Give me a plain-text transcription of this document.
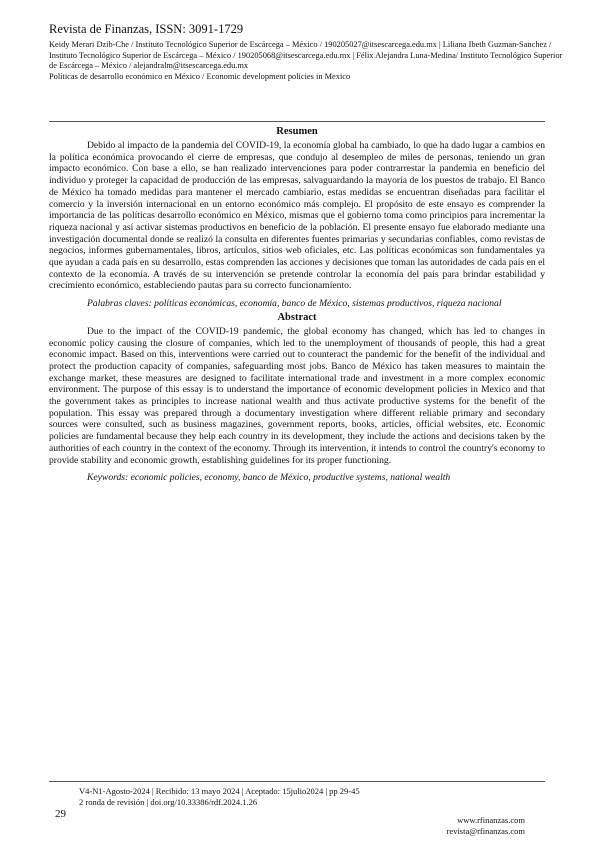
Revista de Finanzas, ISSN: 3091-1729
Keidy Merari Dzib-Che / Instituto Tecnológico Superior de Escárcega – México / 190205027@itsescarcega.edu.mx | Liliana Ibeth Guzman-Sanchez / Instituto Tecnológico Superior de Escárcega – México / 190205068@itsescarcega.edu.mx | Félix Alejandra Luna-Medina/ Instituto Tecnológico Superior de Escárcega – México / alejandralm@itsescarcega.edu.mx
Políticas de desarrollo económico en México / Economic development policies in Mexico
Resumen

Debido al impacto de la pandemia del COVID-19, la economía global ha cambiado, lo que ha dado lugar a cambios en la política económica provocando el cierre de empresas, que condujo al desempleo de miles de personas, teniendo un gran impacto económico. Con base a ello, se han realizado intervenciones para poder contrarrestar la pandemia en beneficio del individuo y proteger la capacidad de producción de las empresas, salvaguardando la mayoría de los puestos de trabajo. El Banco de México ha tomado medidas para mantener el mercado cambiario, estas medidas se encuentran diseñadas para facilitar el comercio y la inversión internacional en un entorno económico más complejo. El propósito de este ensayo es comprender la importancia de las políticas desarrollo económico en México, mismas que el gobierno toma como principios para incrementar la riqueza nacional y así activar sistemas productivos en beneficio de la población. El presente ensayo fue elaborado mediante una investigación documental donde se realizó la consulta en diferentes fuentes primarias y secundarias confiables, como revistas de negocios, informes gubernamentales, libros, artículos, sitios web oficiales, etc. Las políticas económicas son fundamentales ya que ayudan a cada país en su desarrollo, estas comprenden las acciones y decisiones que toman las autoridades de cada país en el contexto de la economía. A través de su intervención se pretende controlar la economía del país para brindar estabilidad y crecimiento económico, estableciendo pautas para su correcto funcionamiento.

Palabras claves: políticas económicas, economía, banco de México, sistemas productivos, riqueza nacional

Abstract

Due to the impact of the COVID-19 pandemic, the global economy has changed, which has led to changes in economic policy causing the closure of companies, which led to the unemployment of thousands of people, this had a great economic impact. Based on this, interventions were carried out to counteract the pandemic for the benefit of the individual and protect the production capacity of companies, safeguarding most jobs. Banco de México has taken measures to maintain the exchange market, these measures are designed to facilitate international trade and investment in a more complex economic environment. The purpose of this essay is to understand the importance of economic development policies in Mexico and that the government takes as principles to increase national wealth and thus activate productive systems for the benefit of the population. This essay was prepared through a documentary investigation where different reliable primary and secondary sources were consulted, such as business magazines, government reports, books, articles, official websites, etc. Economic policies are fundamental because they help each country in its development, they include the actions and decisions taken by the authorities of each country in the context of the economy. Through its intervention, it intends to control the country's economy to provide stability and economic growth, establishing guidelines for its proper functioning.

Keywords: economic policies, economy, banco de México, productive systems, national wealth

V4-N1-Agosto-2024 | Recibido: 13 mayo 2024 | Aceptado: 15julio2024 | pp 29-45
2 ronda de revisión | doi.org/10.33386/rdf.2024.1.26
29	www.rfinanzas.com
revista@rfinanzas.com
